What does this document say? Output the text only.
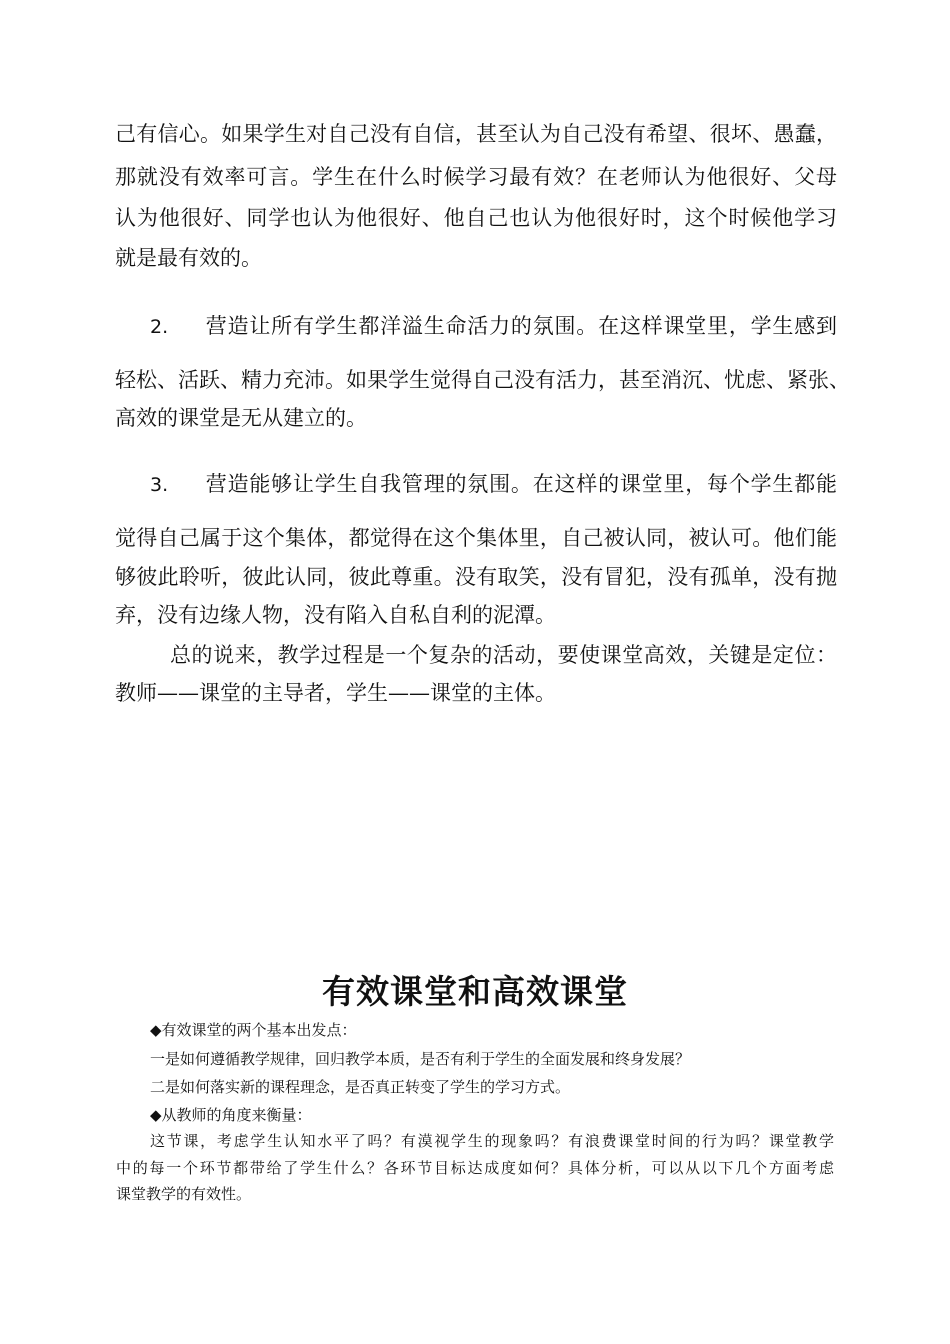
己有信心。如果学生对自己没有自信，甚至认为自己没有希望、很坏、愚蠢，
那就没有效率可言。学生在什么时候学习最有效？在老师认为他很好、父母
认为他很好、同学也认为他很好、他自己也认为他很好时，这个时候他学习
就是最有效的。
2. 营造让所有学生都洋溢生命活力的氛围。在这样课堂里，学生感到
轻松、活跃、精力充沛。如果学生觉得自己没有活力，甚至消沉、忧虑、紧张、
高效的课堂是无从建立的。
3. 营造能够让学生自我管理的氛围。在这样的课堂里，每个学生都能
觉得自己属于这个集体，都觉得在这个集体里，自己被认同，被认可。他们能
够彼此聆听，彼此认同，彼此尊重。没有取笑，没有冒犯，没有孤单，没有抛
弃，没有边缘人物，没有陷入自私自利的泥潭。
总的说来，教学过程是一个复杂的活动，要使课堂高效，关键是定位：
教师——课堂的主导者，学生——课堂的主体。
有效课堂和高效课堂
◆有效课堂的两个基本出发点：
一是如何遵循教学规律，回归教学本质，是否有利于学生的全面发展和终身发展？
二是如何落实新的课程理念，是否真正转变了学生的学习方式。
◆从教师的角度来衡量：
这节课，考虑学生认知水平了吗？有漠视学生的现象吗？有浪费课堂时间的行为吗？课堂教学
中的每一个环节都带给了学生什么？各环节目标达成度如何？具体分析，可以从以下几个方面考虑
课堂教学的有效性。
